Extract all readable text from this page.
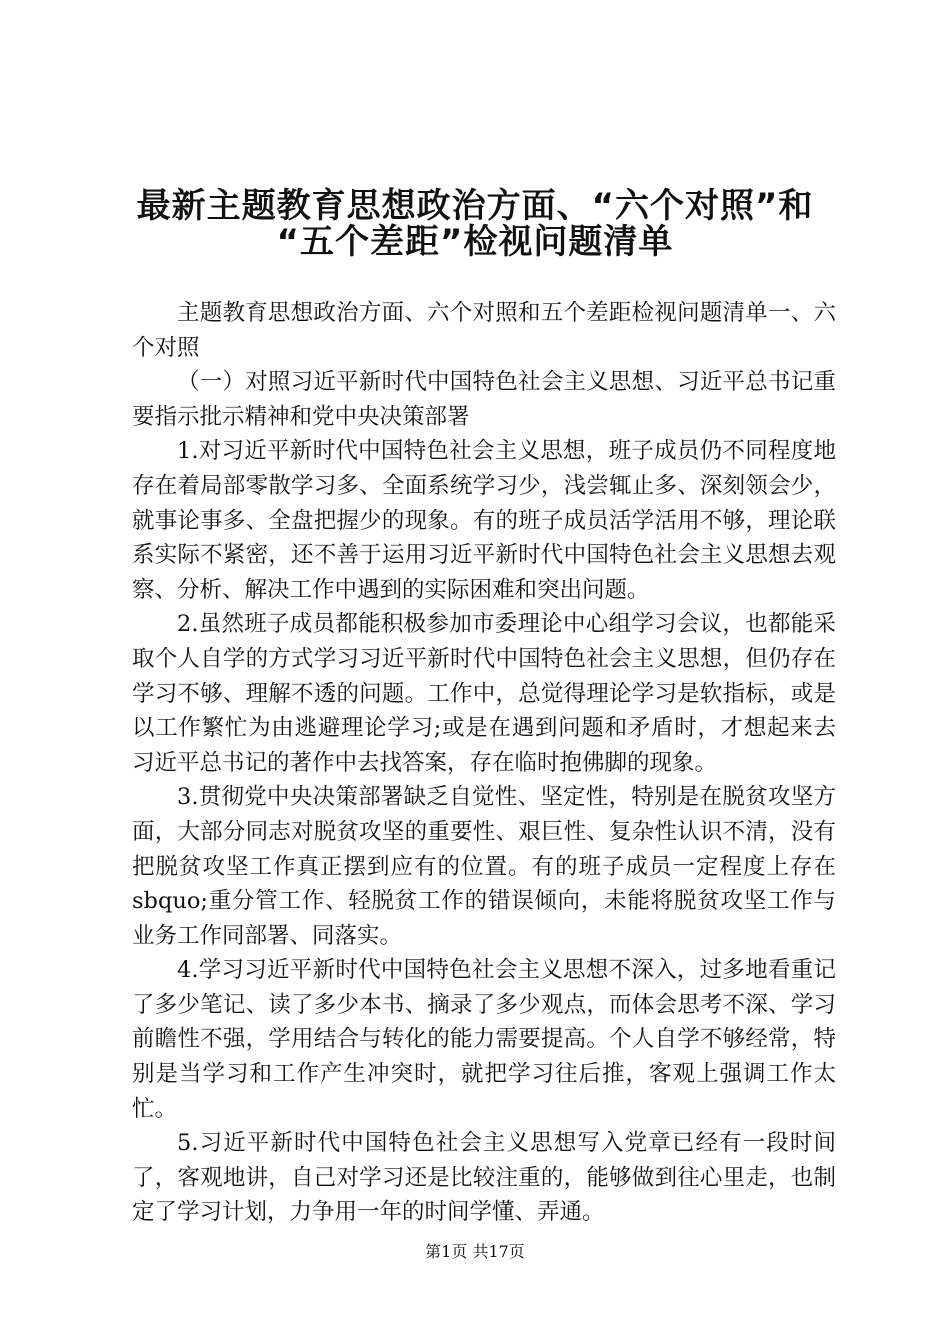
最新主题教育思想政治方面、“六个对照”和
“五个差距”检视问题清单

主题教育思想政治方面、六个对照和五个差距检视问题清单一、六个对照

（一）对照习近平新时代中国特色社会主义思想、习近平总书记重要指示批示精神和党中央决策部署

1.对习近平新时代中国特色社会主义思想，班子成员仍不同程度地存在着局部零散学习多、全面系统学习少，浅尝辄止多、深刻领会少，就事论事多、全盘把握少的现象。有的班子成员活学活用不够，理论联系实际不紧密，还不善于运用习近平新时代中国特色社会主义思想去观察、分析、解决工作中遇到的实际困难和突出问题。

2.虽然班子成员都能积极参加市委理论中心组学习会议，也都能采取个人自学的方式学习习近平新时代中国特色社会主义思想，但仍存在学习不够、理解不透的问题。工作中，总觉得理论学习是软指标，或是以工作繁忙为由逃避理论学习;或是在遇到问题和矛盾时，才想起来去习近平总书记的著作中去找答案，存在临时抱佛脚的现象。

3.贯彻党中央决策部署缺乏自觉性、坚定性，特别是在脱贫攻坚方面，大部分同志对脱贫攻坚的重要性、艰巨性、复杂性认识不清，没有把脱贫攻坚工作真正摆到应有的位置。有的班子成员一定程度上存在 sbquo;重分管工作、轻脱贫工作的错误倾向，未能将脱贫攻坚工作与业务工作同部署、同落实。

4.学习习近平新时代中国特色社会主义思想不深入，过多地看重记了多少笔记、读了多少本书、摘录了多少观点，而体会思考不深、学习前瞻性不强，学用结合与转化的能力需要提高。个人自学不够经常，特别是当学习和工作产生冲突时，就把学习往后推，客观上强调工作太忙。

5.习近平新时代中国特色社会主义思想写入党章已经有一段时间了，客观地讲，自己对学习还是比较注重的，能够做到往心里走，也制定了学习计划，力争用一年的时间学懂、弄通。

第1页 共17页
